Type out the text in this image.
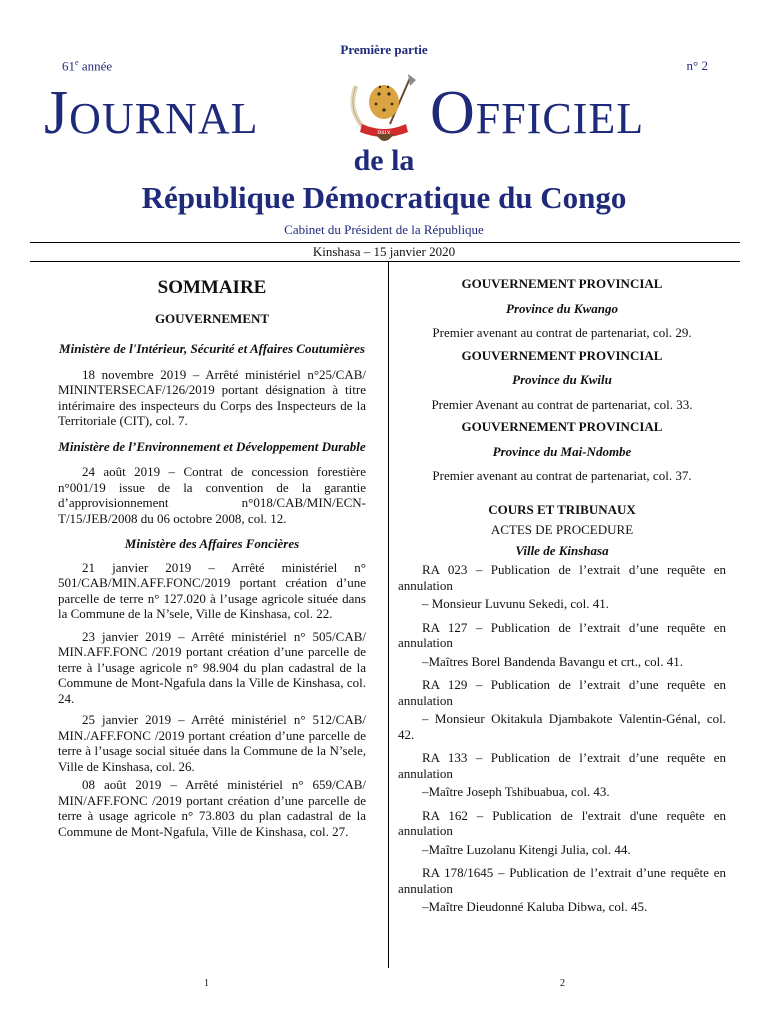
Première partie
61e année	n° 2
JOURNAL	OFFICIEL
de la
République Démocratique du Congo
Cabinet du Président de la République
Kinshasa – 15 janvier 2020

SOMMAIRE

GOUVERNEMENT

Ministère de l'Intérieur, Sécurité et Affaires Coutumières

18 novembre 2019 – Arrêté ministériel n°25/CAB/ MININTERSECAF/126/2019 portant désignation à titre intérimaire des inspecteurs du Corps des Inspecteurs de la Territoriale (CIT), col. 7.

Ministère de l’Environnement et Développement Durable

24 août 2019 – Contrat de concession forestière n°001/19 issue de la convention de la garantie d’approvisionnement n°018/CAB/MIN/ECN-T/15/JEB/2008 du 06 octobre 2008, col. 12.

Ministère des Affaires Foncières

21 janvier 2019 – Arrêté ministériel n° 501/CAB/MIN.AFF.FONC/2019 portant création d’une parcelle de terre n° 127.020 à l’usage agricole située dans la Commune de la N’sele, Ville de Kinshasa, col. 22.

23 janvier 2019 – Arrêté ministériel n° 505/CAB/ MIN.AFF.FONC /2019 portant création d’une parcelle de terre à l’usage agricole n° 98.904 du plan cadastral de la Commune de Mont-Ngafula dans la Ville de Kinshasa, col. 24.

25 janvier 2019 – Arrêté ministériel n° 512/CAB/ MIN./AFF.FONC /2019 portant création d’une parcelle de terre à l’usage social située dans la Commune de la N’sele, Ville de Kinshasa, col. 26.

08 août 2019 – Arrêté ministériel n° 659/CAB/ MIN/AFF.FONC /2019 portant création d’une parcelle de terre à usage agricole n° 73.803 du plan cadastral de la Commune de Mont-Ngafula, Ville de Kinshasa, col. 27.

GOUVERNEMENT PROVINCIAL

Province du Kwango

Premier avenant au contrat de partenariat, col. 29.

GOUVERNEMENT PROVINCIAL

Province du Kwilu

Premier Avenant au contrat de partenariat, col. 33.

GOUVERNEMENT PROVINCIAL

Province du Mai-Ndombe

Premier avenant au contrat de partenariat, col. 37.

COURS ET TRIBUNAUX

ACTES DE PROCEDURE

Ville de Kinshasa

RA 023 – Publication de l’extrait d’une requête en annulation

– Monsieur Luvunu Sekedi, col. 41.

RA 127 – Publication de l’extrait d’une requête en annulation

–Maîtres Borel Bandenda Bavangu et crt., col. 41.

RA 129 – Publication de l’extrait d’une requête en annulation

– Monsieur Okitakula Djambakote Valentin-Génal, col. 42.

RA 133 – Publication de l’extrait d’une requête en annulation

–Maître Joseph Tshibuabua, col. 43.

RA 162 – Publication de l'extrait d'une requête en annulation

–Maître Luzolanu Kitengi Julia, col. 44.

RA 178/1645 – Publication de l’extrait d’une requête en annulation

–Maître Dieudonné Kaluba Dibwa, col. 45.

1	2
